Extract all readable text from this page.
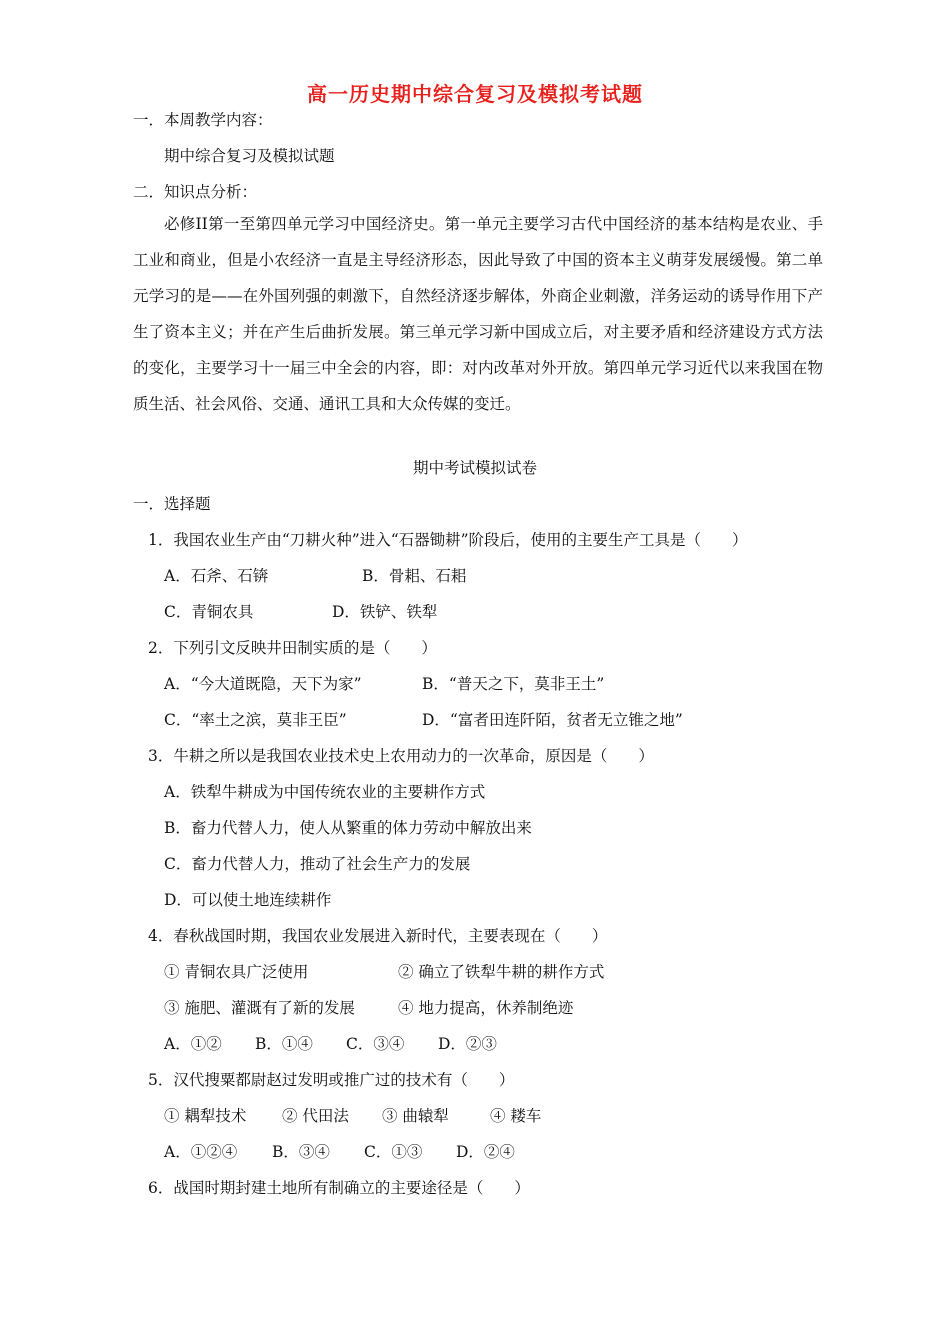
高一历史期中综合复习及模拟考试题
一．本周教学内容：
期中综合复习及模拟试题
二．知识点分析：
必修II第一至第四单元学习中国经济史。第一单元主要学习古代中国经济的基本结构是农业、手工业和商业，但是小农经济一直是主导经济形态，因此导致了中国的资本主义萌芽发展缓慢。第二单元学习的是——在外国列强的刺激下，自然经济逐步解体，外商企业刺激，洋务运动的诱导作用下产生了资本主义；并在产生后曲折发展。第三单元学习新中国成立后，对主要矛盾和经济建设方式方法的变化，主要学习十一届三中全会的内容，即：对内改革对外开放。第四单元学习近代以来我国在物质生活、社会风俗、交通、通讯工具和大众传媒的变迁。
期中考试模拟试卷
一．选择题
1．我国农业生产由“刀耕火种”进入“石器锄耕”阶段后，使用的主要生产工具是（　　）
A．石斧、石锛	B．骨耜、石耜
C．青铜农具	D．铁铲、铁犁
2．下列引文反映井田制实质的是（　　）
A．“今大道既隐，天下为家”	B．“普天之下，莫非王土”
C．“率土之滨，莫非王臣”	D．“富者田连阡陌，贫者无立锥之地”
3．牛耕之所以是我国农业技术史上农用动力的一次革命，原因是（　　）
A．铁犁牛耕成为中国传统农业的主要耕作方式
B．畜力代替人力，使人从繁重的体力劳动中解放出来
C．畜力代替人力，推动了社会生产力的发展
D．可以使土地连续耕作
4．春秋战国时期，我国农业发展进入新时代，主要表现在（　　）
① 青铜农具广泛使用	② 确立了铁犁牛耕的耕作方式
③ 施肥、灌溉有了新的发展	④ 地力提高，休养制绝迹
A．①② B．①④ C．③④ D．②③
5．汉代搜粟都尉赵过发明或推广过的技术有（　　）
① 耦犁技术 ② 代田法 ③ 曲辕犁	④ 耧车
A．①②④ B．③④ C．①③ D．②④
6．战国时期封建土地所有制确立的主要途径是（　　）
